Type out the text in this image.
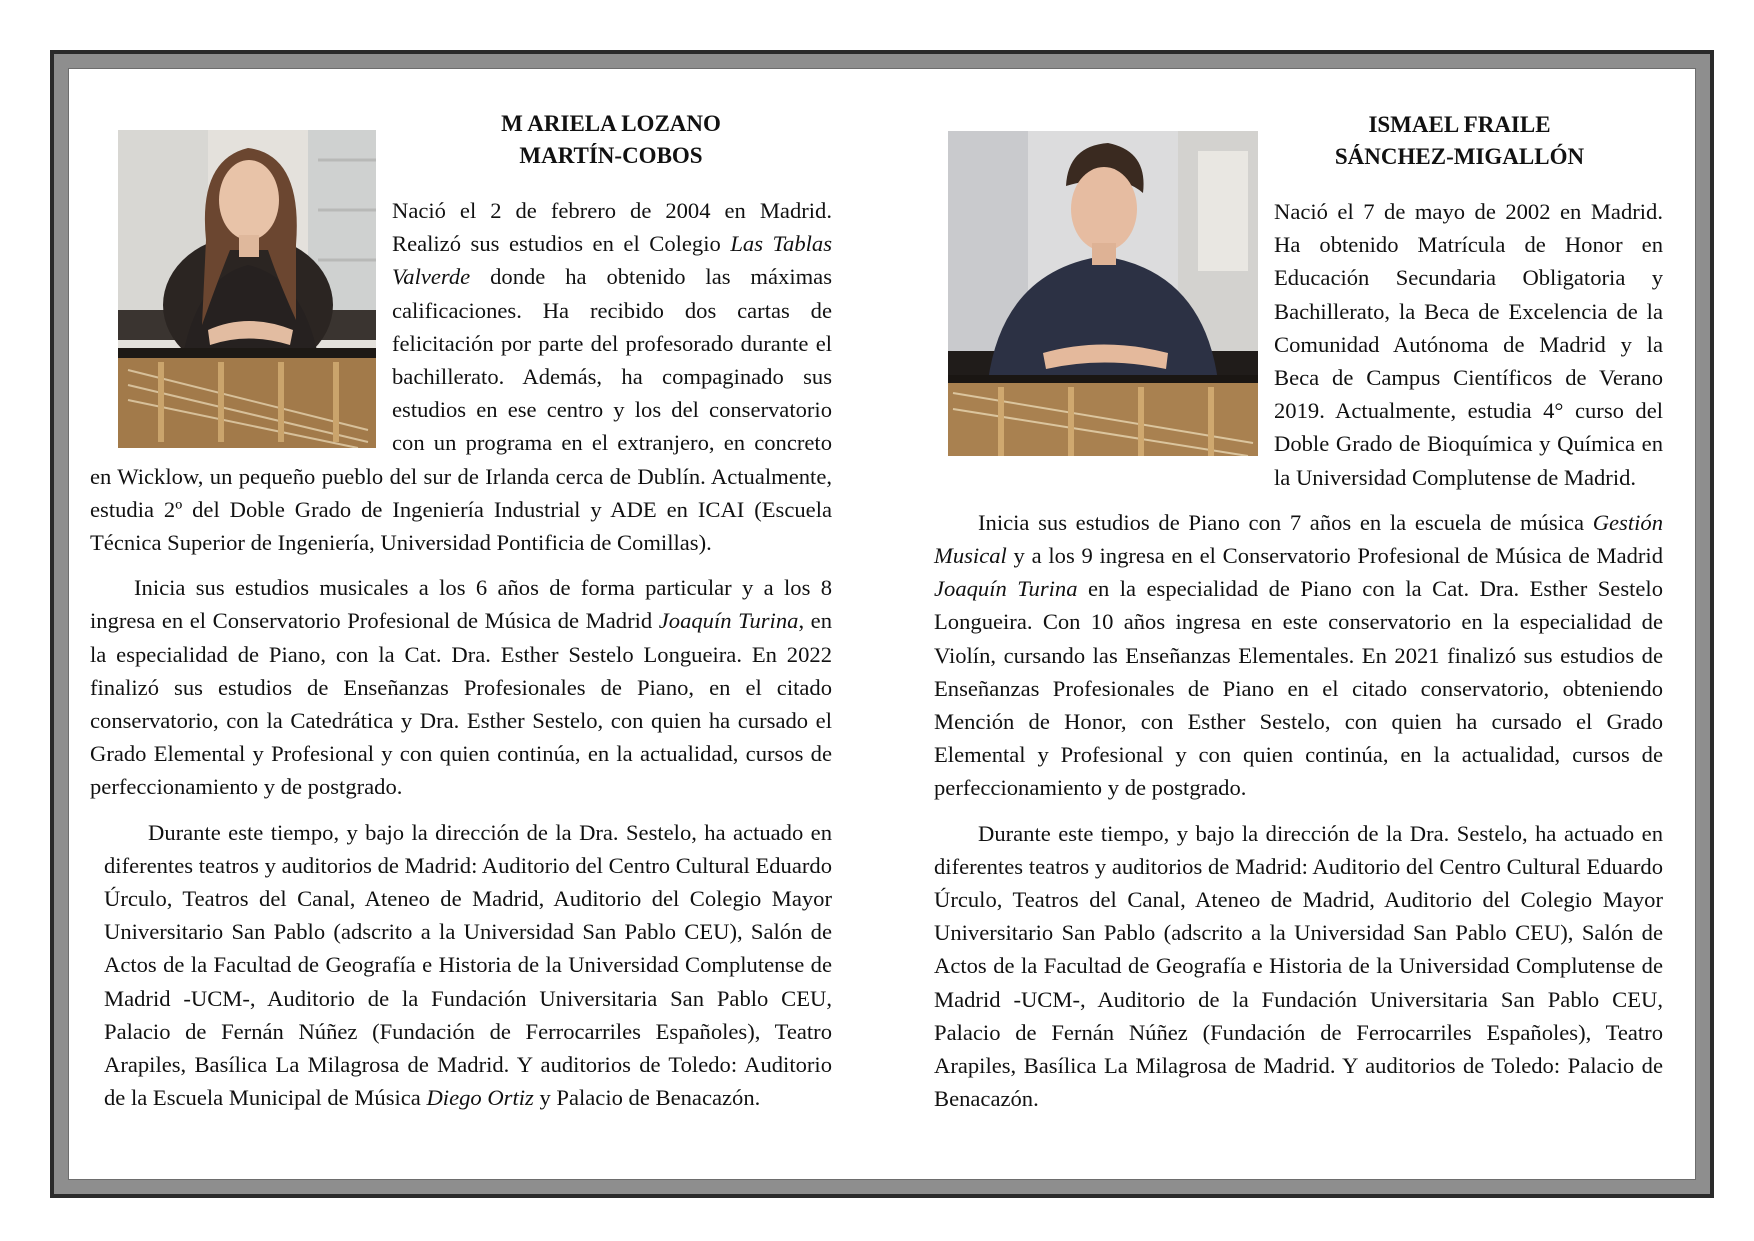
M ARIELA LOZANO
MARTÍN-COBOS

Nació el 2 de febrero de 2004 en Madrid. Realizó sus estudios en el Colegio Las Tablas Valverde donde ha obtenido las máximas calificaciones. Ha recibido dos cartas de felicitación por parte del profesorado durante el bachillerato. Además, ha compaginado sus estudios en ese centro y los del conservatorio con un programa en el extranjero, en concreto en Wicklow, un pequeño pueblo del sur de Irlanda cerca de Dublín. Actualmente, estudia 2º del Doble Grado de Ingeniería Industrial y ADE en ICAI (Escuela Técnica Superior de Ingeniería, Universidad Pontificia de Comillas).

Inicia sus estudios musicales a los 6 años de forma particular y a los 8 ingresa en el Conservatorio Profesional de Música de Madrid Joaquín Turina, en la especialidad de Piano, con la Cat. Dra. Esther Sestelo Longueira. En 2022 finalizó sus estudios de Enseñanzas Profesionales de Piano, en el citado conservatorio, con la Catedrática y Dra. Esther Sestelo, con quien ha cursado el Grado Elemental y Profesional y con quien continúa, en la actualidad, cursos de perfeccionamiento y de postgrado.

Durante este tiempo, y bajo la dirección de la Dra. Sestelo, ha actuado en diferentes teatros y auditorios de Madrid: Auditorio del Centro Cultural Eduardo Úrculo, Teatros del Canal, Ateneo de Madrid, Auditorio del Colegio Mayor Universitario San Pablo (adscrito a la Universidad San Pablo CEU), Salón de Actos de la Facultad de Geografía e Historia de la Universidad Complutense de Madrid -UCM-, Auditorio de la Fundación Universitaria San Pablo CEU, Palacio de Fernán Núñez (Fundación de Ferrocarriles Españoles), Teatro Arapiles, Basílica La Milagrosa de Madrid. Y auditorios de Toledo: Auditorio de la Escuela Municipal de Música Diego Ortiz y Palacio de Benacazón.

ISMAEL FRAILE
SÁNCHEZ-MIGALLÓN

Nació el 7 de mayo de 2002 en Madrid. Ha obtenido Matrícula de Honor en Educación Secundaria Obligatoria y Bachillerato, la Beca de Excelencia de la Comunidad Autónoma de Madrid y la Beca de Campus Científicos de Verano 2019. Actualmente, estudia 4° curso del Doble Grado de Bioquímica y Química en la Universidad Complutense de Madrid.

Inicia sus estudios de Piano con 7 años en la escuela de música Gestión Musical y a los 9 ingresa en el Conservatorio Profesional de Música de Madrid Joaquín Turina en la especialidad de Piano con la Cat. Dra. Esther Sestelo Longueira. Con 10 años ingresa en este conservatorio en la especialidad de Violín, cursando las Enseñanzas Elementales. En 2021 finalizó sus estudios de Enseñanzas Profesionales de Piano en el citado conservatorio, obteniendo Mención de Honor, con Esther Sestelo, con quien ha cursado el Grado Elemental y Profesional y con quien continúa, en la actualidad, cursos de perfeccionamiento y de postgrado.

Durante este tiempo, y bajo la dirección de la Dra. Sestelo, ha actuado en diferentes teatros y auditorios de Madrid: Auditorio del Centro Cultural Eduardo Úrculo, Teatros del Canal, Ateneo de Madrid, Auditorio del Colegio Mayor Universitario San Pablo (adscrito a la Universidad San Pablo CEU), Salón de Actos de la Facultad de Geografía e Historia de la Universidad Complutense de Madrid -UCM-, Auditorio de la Fundación Universitaria San Pablo CEU, Palacio de Fernán Núñez (Fundación de Ferrocarriles Españoles), Teatro Arapiles, Basílica La Milagrosa de Madrid. Y auditorios de Toledo: Palacio de Benacazón.
